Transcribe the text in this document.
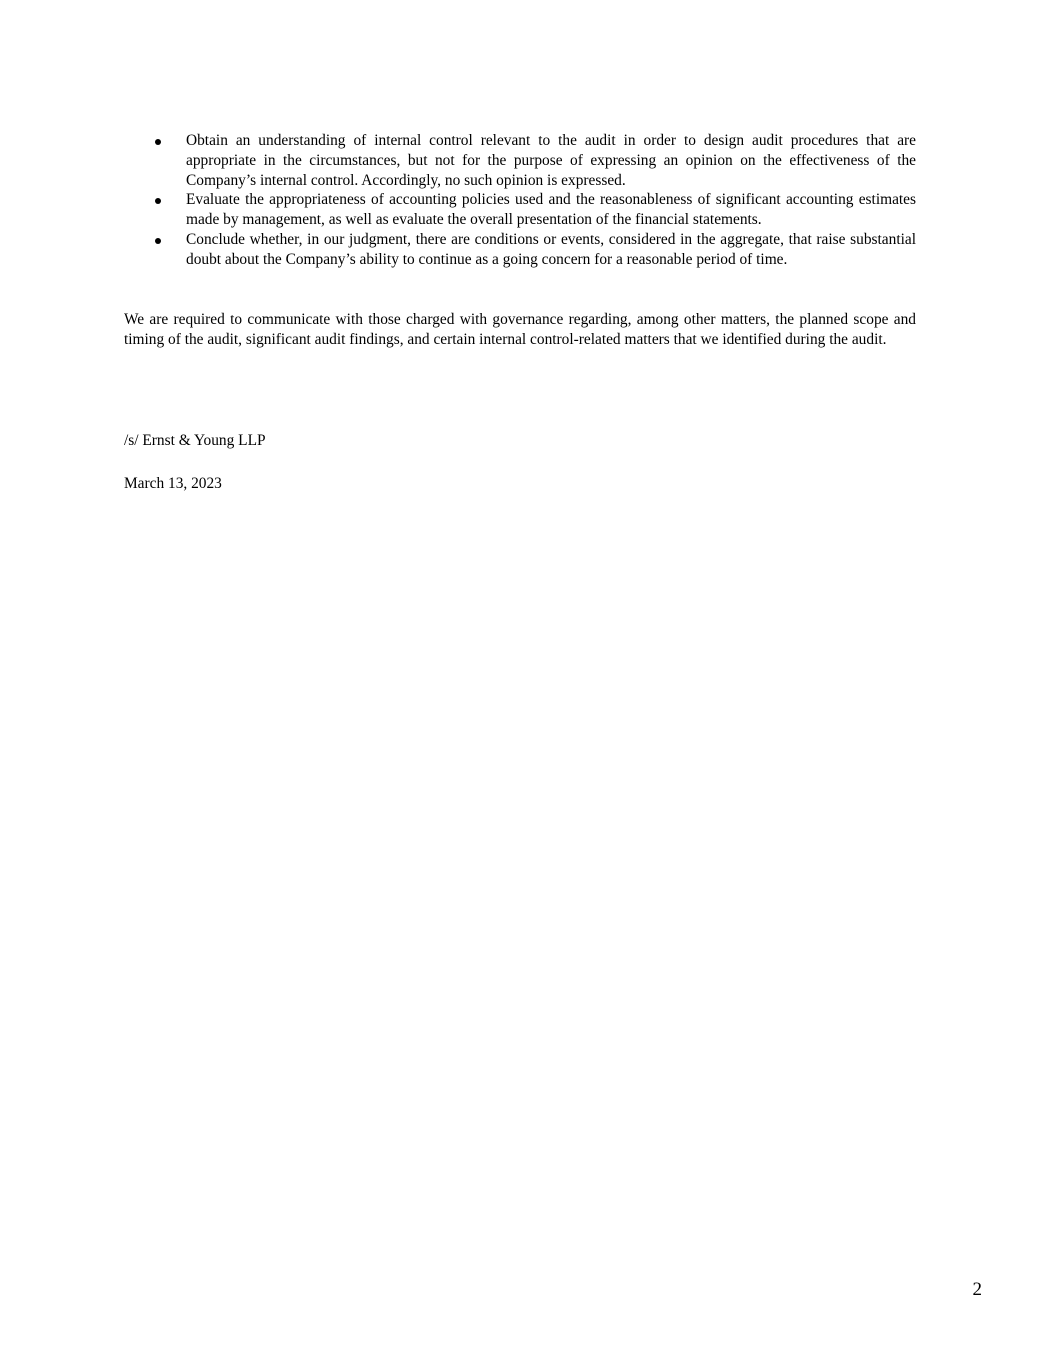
Obtain an understanding of internal control relevant to the audit in order to design audit procedures that are appropriate in the circumstances, but not for the purpose of expressing an opinion on the effectiveness of the Company’s internal control. Accordingly, no such opinion is expressed.
Evaluate the appropriateness of accounting policies used and the reasonableness of significant accounting estimates made by management, as well as evaluate the overall presentation of the financial statements.
Conclude whether, in our judgment, there are conditions or events, considered in the aggregate, that raise substantial doubt about the Company’s ability to continue as a going concern for a reasonable period of time.

We are required to communicate with those charged with governance regarding, among other matters, the planned scope and timing of the audit, significant audit findings, and certain internal control-related matters that we identified during the audit.

/s/ Ernst & Young LLP

March 13, 2023

2
